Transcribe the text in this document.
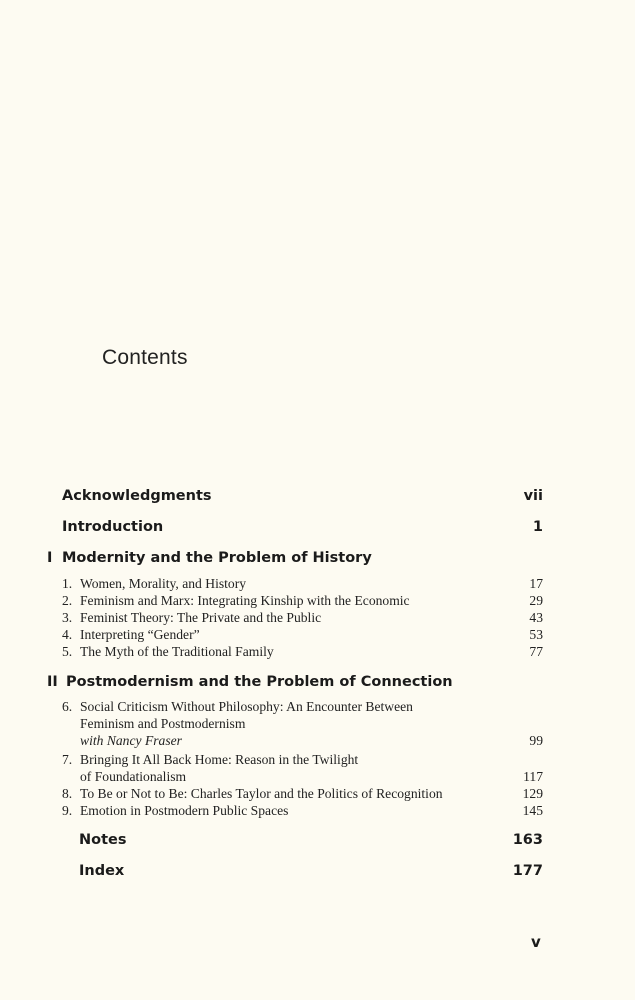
Contents
Acknowledgments	vii
Introduction	1
I Modernity and the Problem of History
1. Women, Morality, and History	17
2. Feminism and Marx: Integrating Kinship with the Economic	29
3. Feminist Theory: The Private and the Public	43
4. Interpreting “Gender”	53
5. The Myth of the Traditional Family	77
II Postmodernism and the Problem of Connection
6. Social Criticism Without Philosophy: An Encounter Between
Feminism and Postmodernism
with Nancy Fraser	99
7. Bringing It All Back Home: Reason in the Twilight
of Foundationalism	117
8. To Be or Not to Be: Charles Taylor and the Politics of Recognition	129
9. Emotion in Postmodern Public Spaces	145
Notes	163
Index	177
v
